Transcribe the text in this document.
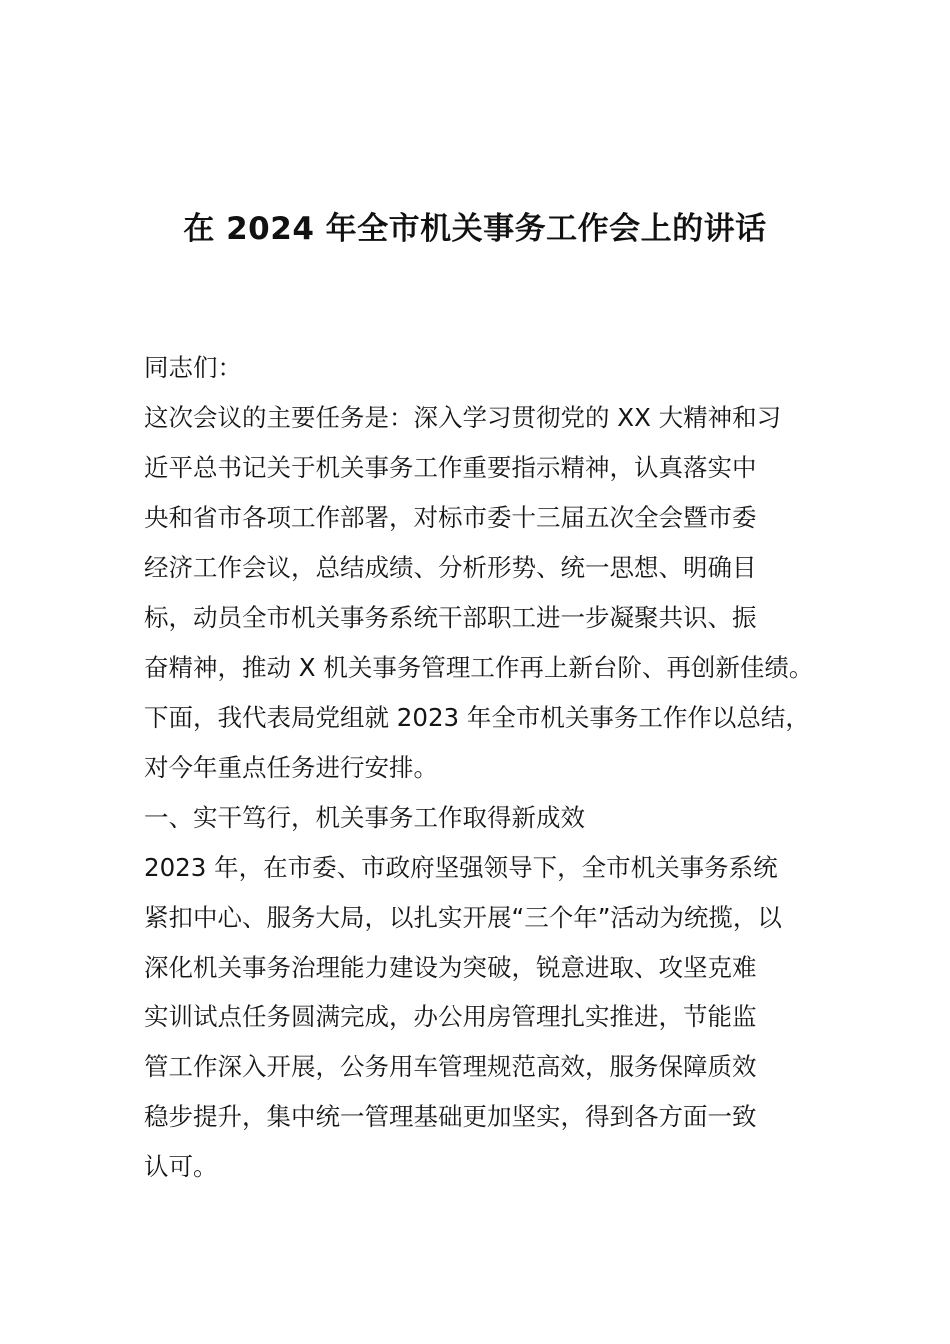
在 2024 年全市机关事务工作会上的讲话
同志们：
这次会议的主要任务是：深入学习贯彻党的 XX 大精神和习
近平总书记关于机关事务工作重要指示精神，认真落实中
央和省市各项工作部署，对标市委十三届五次全会暨市委
经济工作会议，总结成绩、分析形势、统一思想、明确目
标，动员全市机关事务系统干部职工进一步凝聚共识、振
奋精神，推动 X 机关事务管理工作再上新台阶、再创新佳绩。
下面，我代表局党组就 2023 年全市机关事务工作作以总结，
对今年重点任务进行安排。
一、实干笃行，机关事务工作取得新成效
2023 年，在市委、市政府坚强领导下，全市机关事务系统
紧扣中心、服务大局，以扎实开展“三个年”活动为统揽，以
深化机关事务治理能力建设为突破，锐意进取、攻坚克难
实训试点任务圆满完成，办公用房管理扎实推进，节能监
管工作深入开展，公务用车管理规范高效，服务保障质效
稳步提升，集中统一管理基础更加坚实，得到各方面一致
认可。
